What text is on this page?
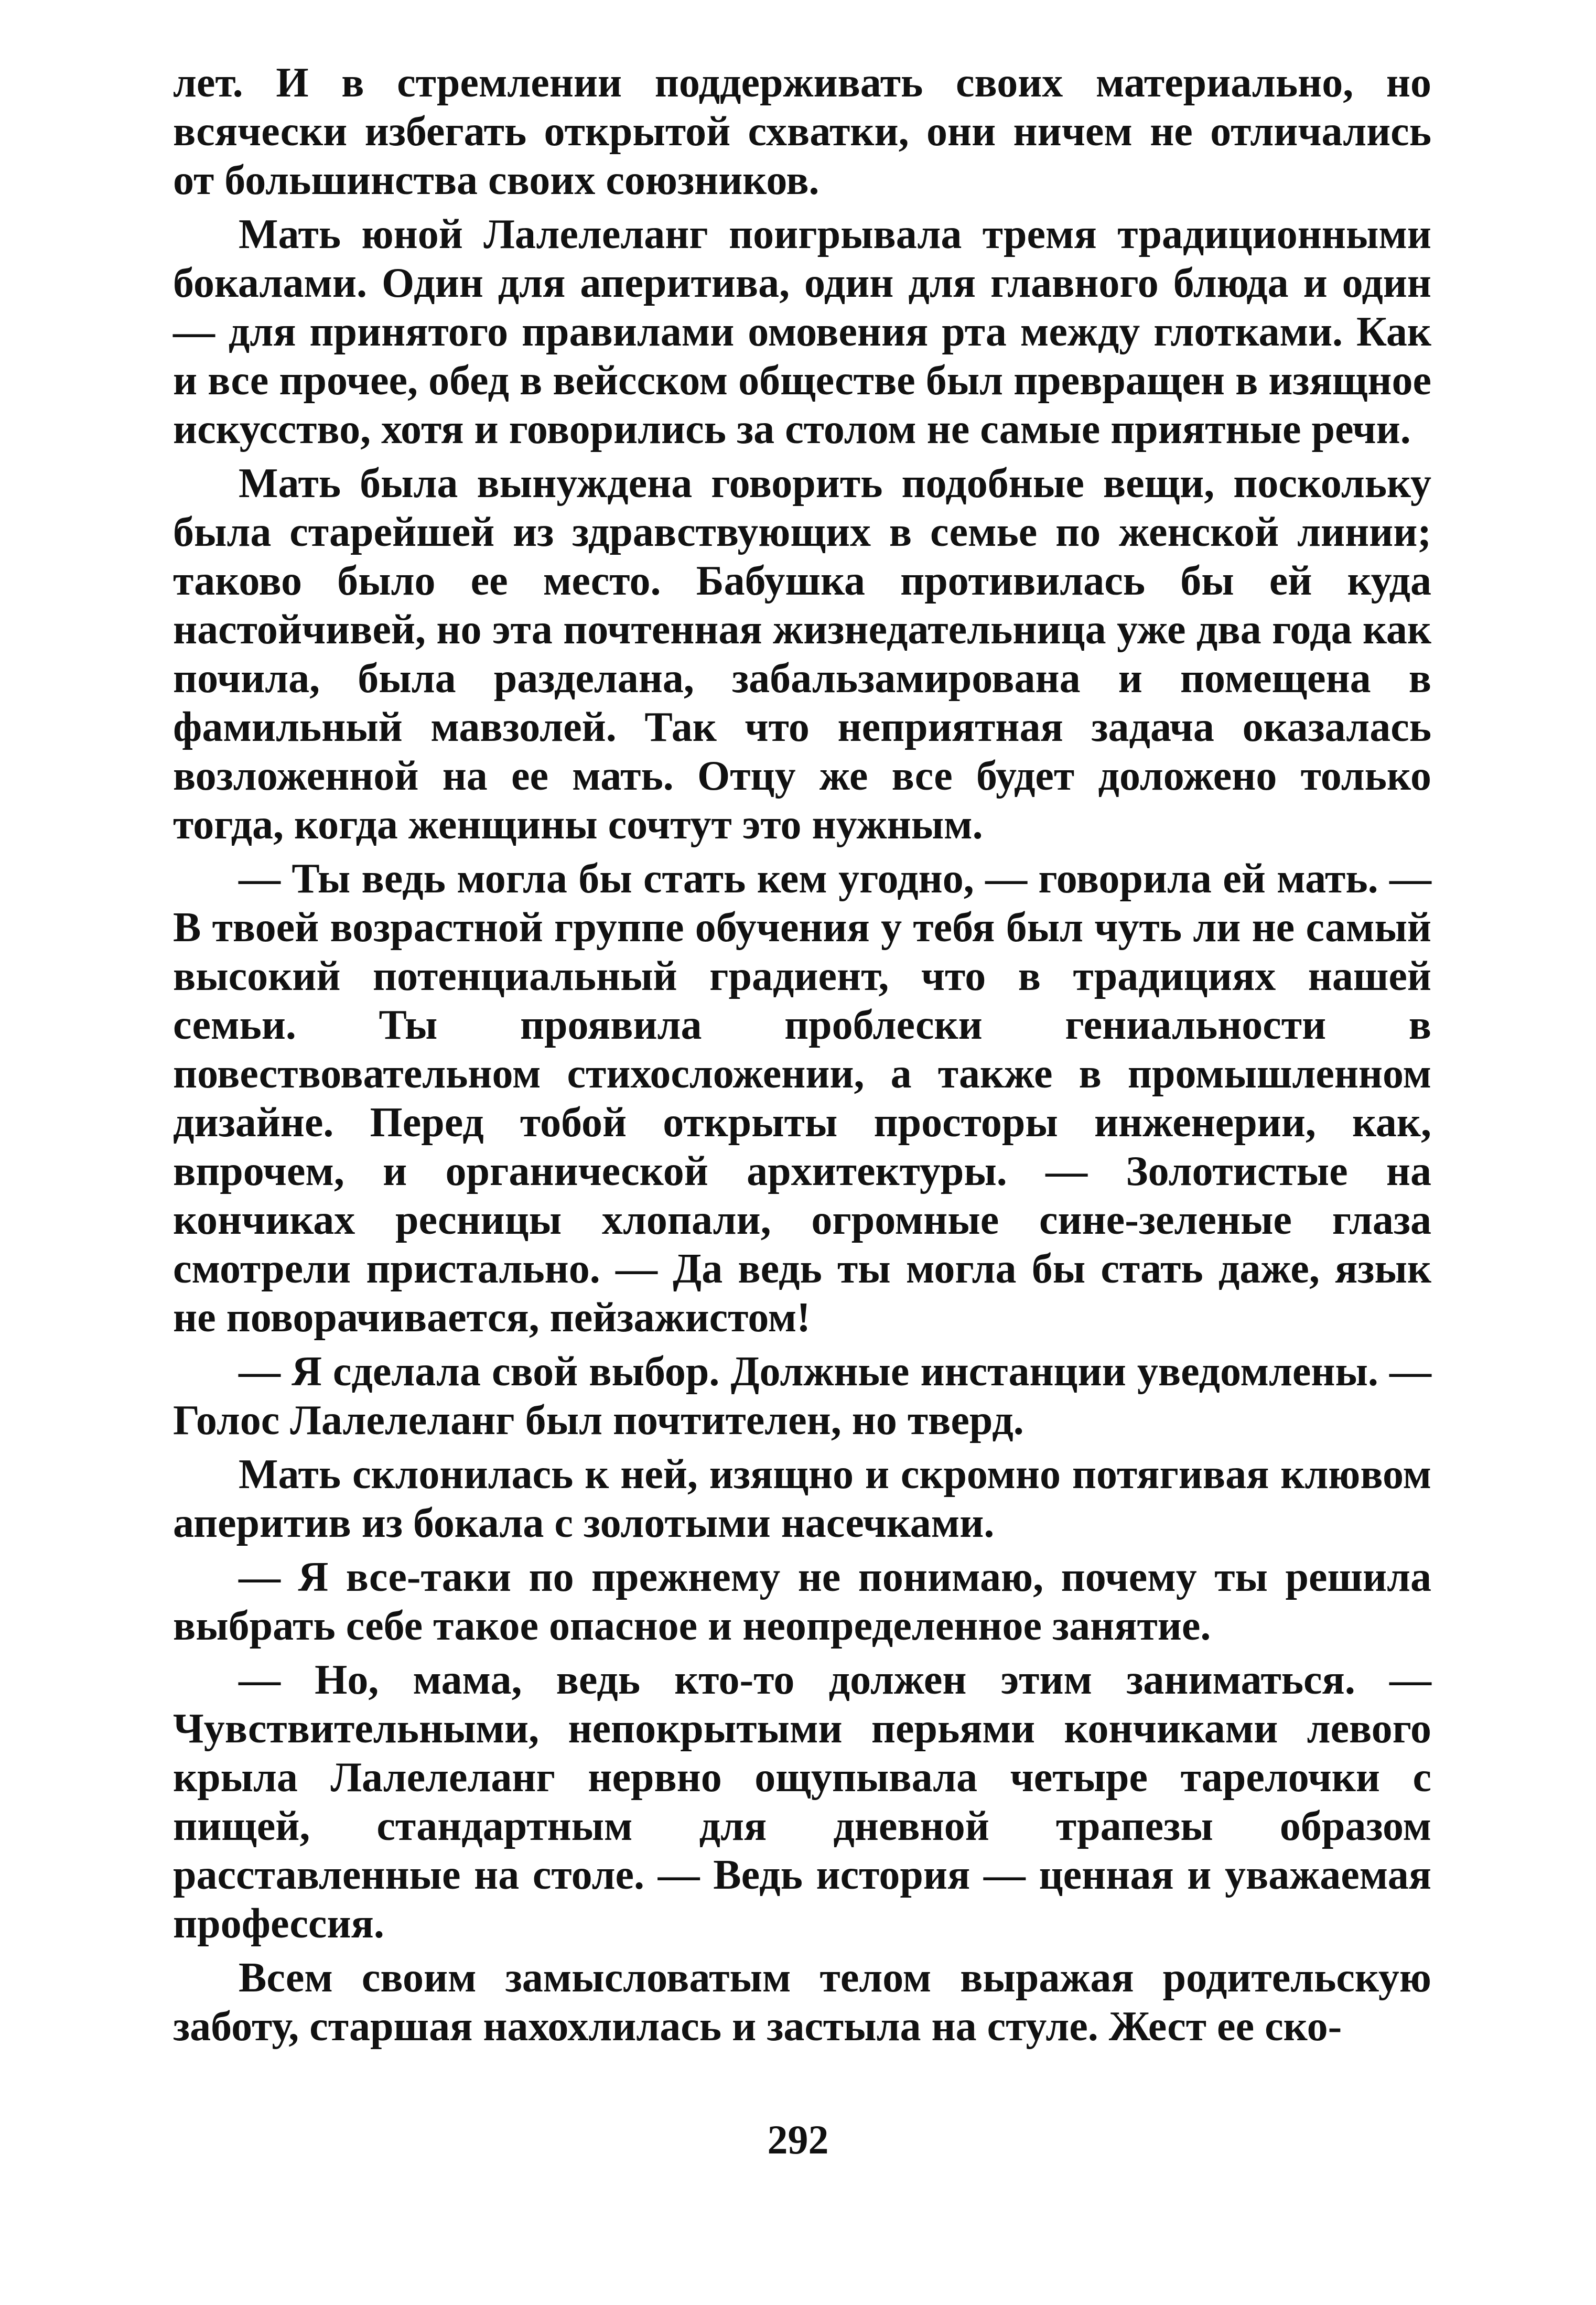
лет. И в стремлении поддерживать своих материально, но всячески избегать открытой схватки, они ничем не отличались от большинства своих союзников.

Мать юной Лалелеланг поигрывала тремя традиционными бокалами. Один для аперитива, один для главного блюда и один — для принятого правилами омовения рта между глотками. Как и все прочее, обед в вейсском обществе был превращен в изящное искусство, хотя и говорились за столом не самые приятные речи.

Мать была вынуждена говорить подобные вещи, поскольку была старейшей из здравствующих в семье по женской линии; таково было ее место. Бабушка противилась бы ей куда настойчивей, но эта почтенная жизнедательница уже два года как почила, была разделана, забальзамирована и помещена в фамильный мавзолей. Так что неприятная задача оказалась возложенной на ее мать. Отцу же все будет доложено только тогда, когда женщины сочтут это нужным.

— Ты ведь могла бы стать кем угодно, — говорила ей мать. — В твоей возрастной группе обучения у тебя был чуть ли не самый высокий потенциальный градиент, что в традициях нашей семьи. Ты проявила проблески гениальности в повествовательном стихосложении, а также в промышленном дизайне. Перед тобой открыты просторы инженерии, как, впрочем, и органической архитектуры. — Золотистые на кончиках ресницы хлопали, огромные сине-зеленые глаза смотрели пристально. — Да ведь ты могла бы стать даже, язык не поворачивается, пейзажистом!

— Я сделала свой выбор. Должные инстанции уведомлены. — Голос Лалелеланг был почтителен, но тверд.

Мать склонилась к ней, изящно и скромно потягивая клювом аперитив из бокала с золотыми насечками.

— Я все-таки по прежнему не понимаю, почему ты решила выбрать себе такое опасное и неопределенное занятие.

— Но, мама, ведь кто-то должен этим заниматься. — Чувствительными, непокрытыми перьями кончиками левого крыла Лалелеланг нервно ощупывала четыре тарелочки с пищей, стандартным для дневной трапезы образом расставленные на столе. — Ведь история — ценная и уважаемая профессия.

Всем своим замысловатым телом выражая родительскую заботу, старшая нахохлилась и застыла на стуле. Жест ее ско-

292
